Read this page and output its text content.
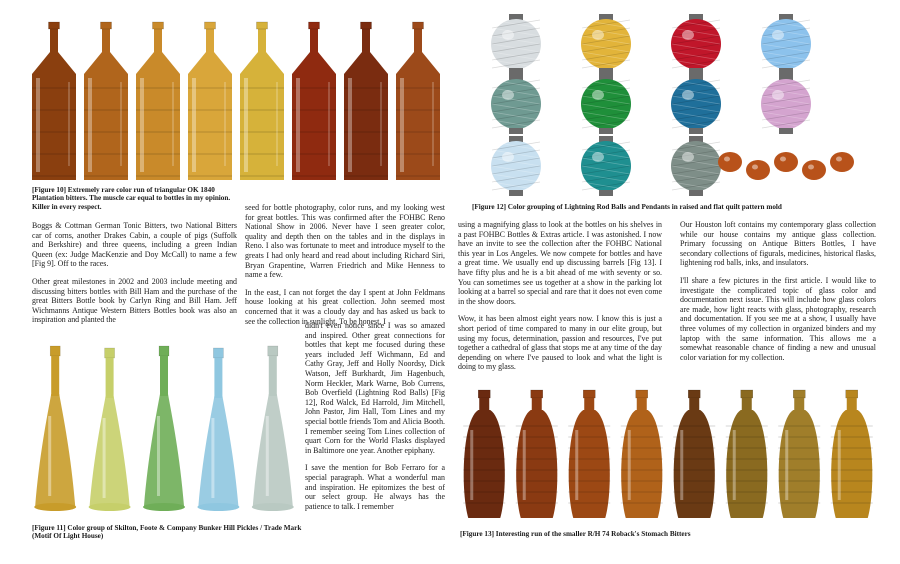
[Figure 10] Extremely rare color run of triangular OK 1840 Plantation bitters. The muscle car equal to bottles in my opinion. Killer in every respect.

Boggs & Cottman German Tonic Bitters, two National Bitters car of corns, another Drakes Cabin, a couple of pigs (Suffolk and Berkshire) and three queens, including a green Indian Queen (ex: Judge MacKenzie and Doy McCall) to name a few [Fig 9]. Off to the races.

Other great milestones in 2002 and 2003 include meeting and discussing bitters bottles with Bill Ham and the purchase of the great Bitters Bottle book by Carlyn Ring and Bill Ham. Jeff Wichmanns Antique Western Bitters Bottles book was also an inspiration and planted the

[Figure 11] Color group of Skilton, Foote & Company Bunker Hill Pickles / Trade Mark (Motif Of Light House)

seed for bottle photography, color runs, and my looking west for great bottles. This was confirmed after the FOHBC Reno National Show in 2006. Never have I seen greater color, quality and depth then on the tables and in the displays in Reno. I also was fortunate to meet and introduce myself to the greats I had only heard and read about including Richard Siri, Bryan Grapentine, Warren Friedrich and Mike Henness to name a few.

In the east, I can not forget the day I spent at John Feldmans house looking at his great collection. John seemed most concerned that it was a cloudy day and has asked us back to see the collection in sunlight. To be honest, I

didn't even notice since I was so amazed and inspired. Other great connections for bottles that kept me focused during these years included Jeff Wichmann, Ed and Cathy Gray, Jeff and Holly Noordsy, Dick Watson, Jeff Burkhardt, Jim Hagenbuch, Norm Heckler, Mark Warne, Bob Currens, Bob Overfield (Lightning Rod Balls) [Fig 12], Rod Walck, Ed Harrold, Jim Mitchell, John Pastor, Jim Hall, Tom Lines and my special bottle friends Tom and Alicia Booth. I remember seeing Tom Lines collection of quart Corn for the World Flasks displayed in Baltimore one year. Another epiphany.

I save the mention for Bob Ferraro for a special paragraph. What a wonderful man and inspiration. He epitomizes the best of our select group. He always has the patience to talk. I remember

[Figure 12] Color grouping of Lightning Rod Balls and Pendants in raised and flat quilt pattern mold

using a magnifying glass to look at the bottles on his shelves in a past FOHBC Bottles & Extras article. I was astonished. I now have an invite to see the collection after the FOHBC National this year in Los Angeles. We now compete for bottles and have a great time. We usually end up discussing barrels [Fig 13]. I have fifty plus and he is a bit ahead of me with seventy or so. You can sometimes see us together at a show in the parking lot looking at a barrel so special and rare that it does not even come in the show doors.

Wow, it has been almost eight years now. I know this is just a short period of time compared to many in our elite group, but using my focus, determination, passion and resources, I've put together a cathedral of glass that stops me at any time of the day depending on where I've paused to look and what the light is doing to my glass.

Our Houston loft contains my contemporary glass collection while our house contains my antique glass collection. Primary focussing on Antique Bitters Bottles, I have secondary collections of figurals, medicines, historical flasks, lightening rod balls, inks, and insulators.

I'll share a few pictures in the first article. I would like to investigate the complicated topic of glass color and documentation next issue. This will include how glass colors are made, how light reacts with glass, photography, research and documentation. If you see me at a show, I usually have three volumes of my collection in organized binders and my laptop with the same information. This allows me a somewhat reasonable chance of finding a new and unusual color variation for my collection.

[Figure 13] Interesting run of the smaller R/H 74 Roback's Stomach Bitters
